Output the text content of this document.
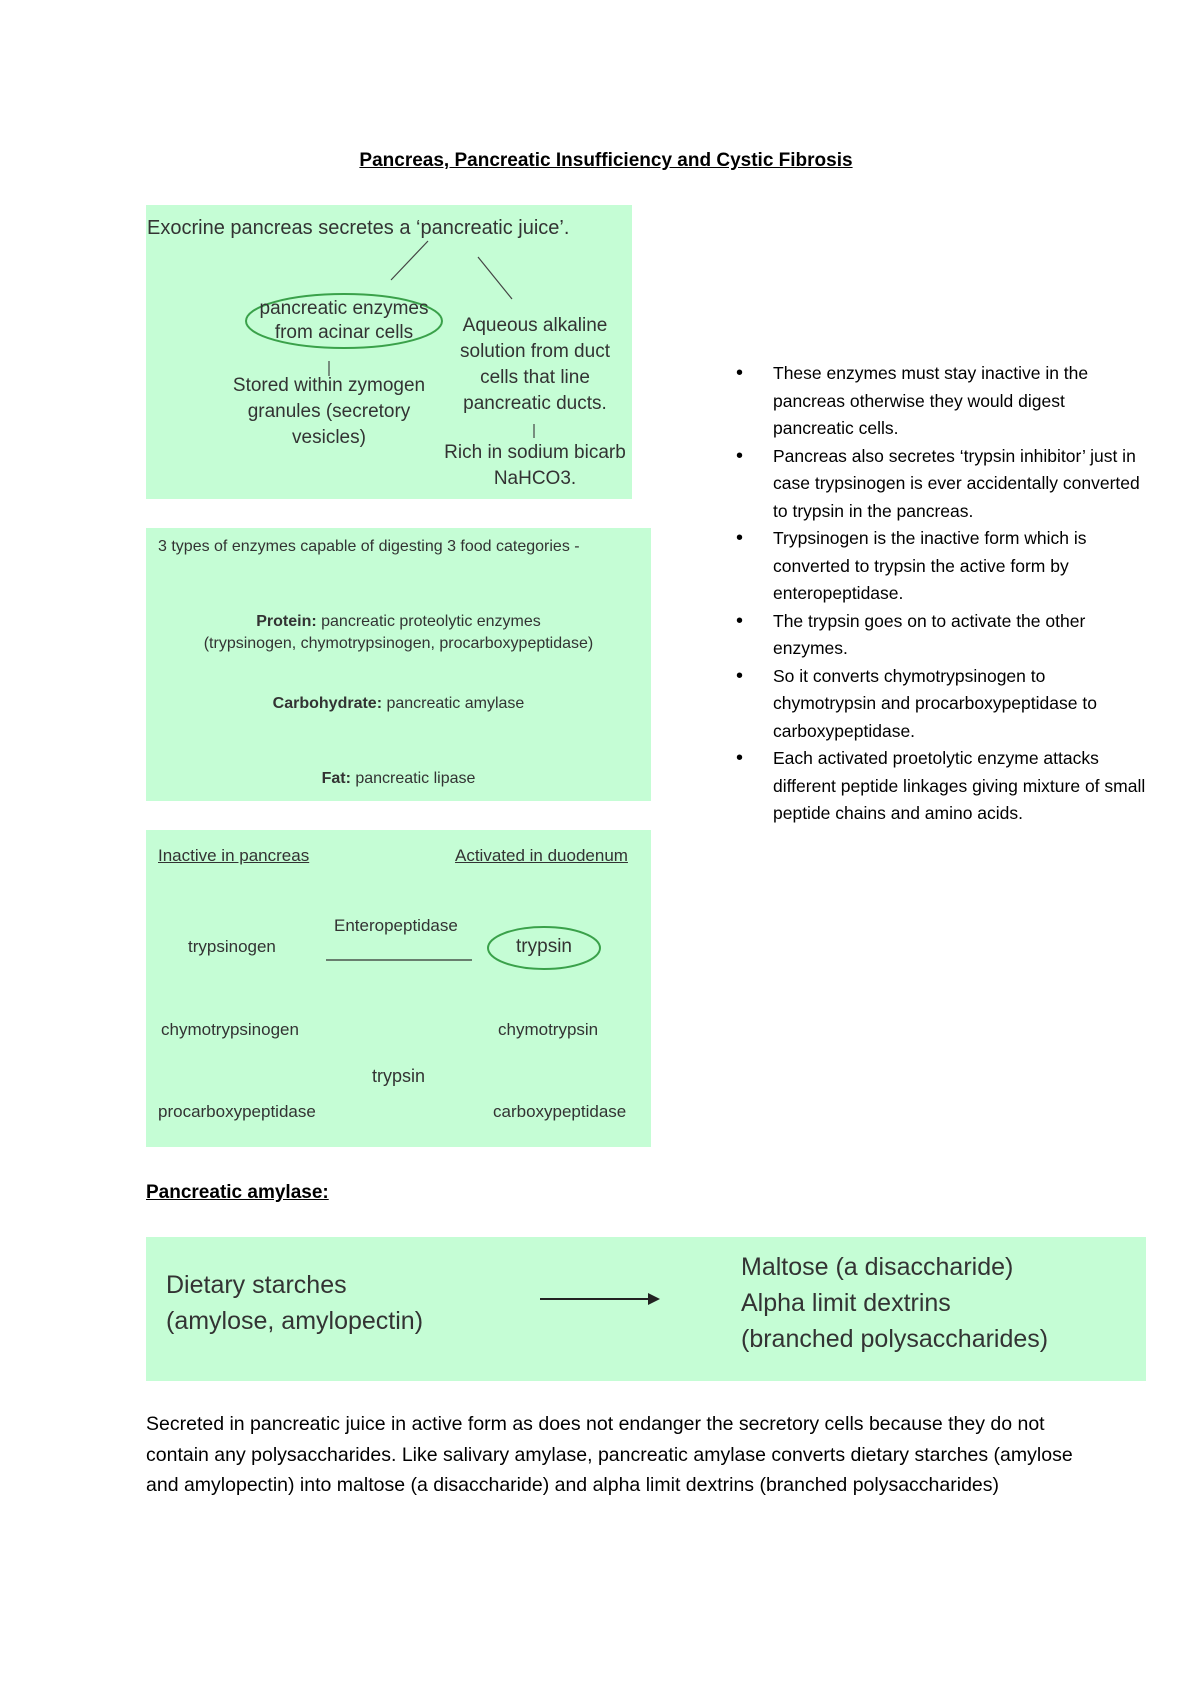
Pancreas, Pancreatic Insufficiency and Cystic Fibrosis
Exocrine pancreas secretes a ‘pancreatic juice’.
pancreatic enzymes
from acinar cells
Stored within zymogen
granules (secretory
vesicles)
Aqueous alkaline
solution from duct
cells that line
pancreatic ducts.
Rich in sodium bicarb
NaHCO3.
3 types of enzymes capable of digesting 3 food categories -
Protein: pancreatic proteolytic enzymes
(trypsinogen, chymotrypsinogen, procarboxypeptidase)
Carbohydrate: pancreatic amylase
Fat: pancreatic lipase
Inactive in pancreas	Activated in duodenum
Enteropeptidase
trypsinogen	trypsin
chymotrypsinogen	chymotrypsin
trypsin
procarboxypeptidase	carboxypeptidase
• These enzymes must stay inactive in the pancreas otherwise they would digest pancreatic cells.
• Pancreas also secretes ‘trypsin inhibitor’ just in case trypsinogen is ever accidentally converted to trypsin in the pancreas.
• Trypsinogen is the inactive form which is converted to trypsin the active form by enteropeptidase.
• The trypsin goes on to activate the other enzymes.
• So it converts chymotrypsinogen to chymotrypsin and procarboxypeptidase to carboxypeptidase.
• Each activated proetolytic enzyme attacks different peptide linkages giving mixture of small peptide chains and amino acids.
Pancreatic amylase:
Dietary starches
(amylose, amylopectin)
Maltose (a disaccharide)
Alpha limit dextrins
(branched polysaccharides)
Secreted in pancreatic juice in active form as does not endanger the secretory cells because they do not contain any polysaccharides. Like salivary amylase, pancreatic amylase converts dietary starches (amylose and amylopectin) into maltose (a disaccharide) and alpha limit dextrins (branched polysaccharides)
